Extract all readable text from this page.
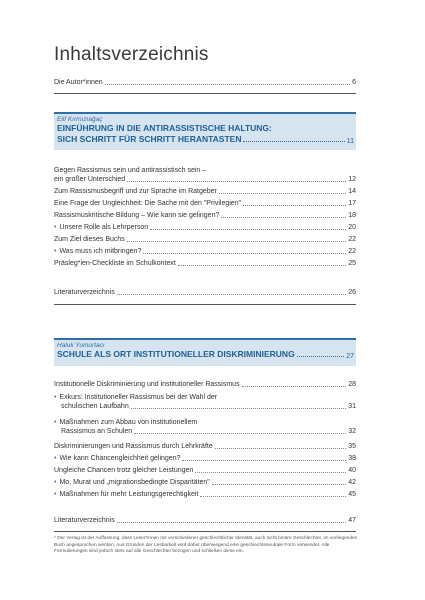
Inhaltsverzeichnis
Die Autor*innen	6
Elif Kırmızıağaç
EINFÜHRUNG IN DIE ANTIRASSISTISCHE HALTUNG:
SICH SCHRITT FÜR SCHRITT HERANTASTEN	11
Gegen Rassismus sein und antirassistisch sein –
ein großer Unterschied	12
Zum Rassismusbegriff und zur Sprache im Ratgeber	14
Eine Frage der Ungleichheit: Die Sache mit den "Privilegien"	17
Rassismuskritische Bildung – Wie kann sie gelingen?	18
• Unsere Rolle als Lehrperson	20
Zum Ziel dieses Buchs	22
• Was muss ich mitbringen?	22
Präsleg*ien-Checkliste im Schulkontext	25
Literaturverzeichnis	26
Haluk Yumurtacı
SCHULE ALS ORT INSTITUTIONELLER DISKRIMINIERUNG	27
Institutionelle Diskriminierung und institutioneller Rassismus	28
• Exkurs: Institutioneller Rassismus bei der Wahl der
schulischen Laufbahn	31
• Maßnahmen zum Abbau von institutionellem
Rassismus an Schulen	32
Diskriminierungen und Rassismus durch Lehrkräfte	35
• Wie kann Chancengleichheit gelingen?	38
Ungleiche Chancen trotz gleicher Leistungen	40
• Mo, Murat und „migrationsbedingte Disparitäten"	42
• Maßnahmen für mehr Leistungsgerechtigkeit	45
Literaturverzeichnis	47
* Der Verlag ist der Auffassung, dass Leser*innen mit verschiedener geschlechtlicher Identität, auch nicht binäre Geschlechter, im vorliegenden Buch angesprochen werden. Aus Gründen der Lesbarkeit wird daher überwiegend eine geschlechtsneutrale Form verwendet. Alle Formulierungen sind jedoch stets auf alle Geschlechter bezogen und schließen diese ein.
